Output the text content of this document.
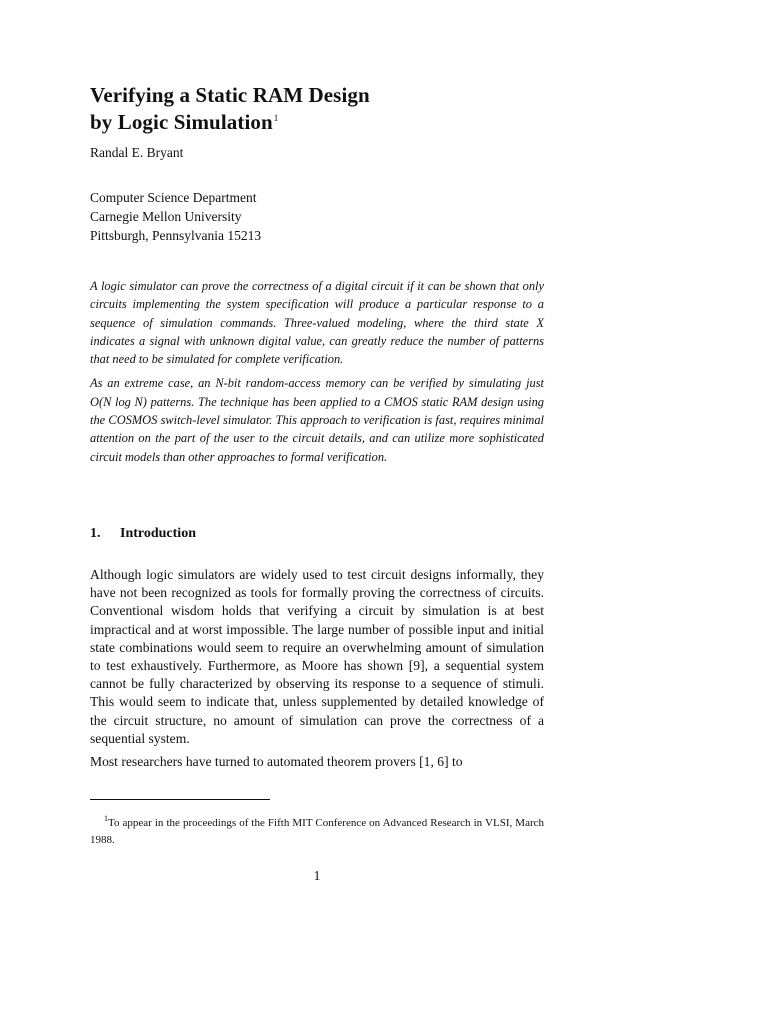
Verifying a Static RAM Design
by Logic Simulation$^1$
Randal E. Bryant
Computer Science Department
Carnegie Mellon University
Pittsburgh, Pennsylvania 15213

A logic simulator can prove the correctness of a digital circuit if it can be shown that only circuits implementing the system specification will produce a particular response to a sequence of simulation commands. Three-valued modeling, where the third state X indicates a signal with unknown digital value, can greatly reduce the number of patterns that need to be simulated for complete verification.

As an extreme case, an N-bit random-access memory can be verified by simulating just O(N log N) patterns. The technique has been applied to a CMOS static RAM design using the COSMOS switch-level simulator. This approach to verification is fast, requires minimal attention on the part of the user to the circuit details, and can utilize more sophisticated circuit models than other approaches to formal verification.

1. Introduction

Although logic simulators are widely used to test circuit designs informally, they have not been recognized as tools for formally proving the correctness of circuits. Conventional wisdom holds that verifying a circuit by simulation is at best impractical and at worst impossible. The large number of possible input and initial state combinations would seem to require an overwhelming amount of simulation to test exhaustively. Furthermore, as Moore has shown [9], a sequential system cannot be fully characterized by observing its response to a sequence of stimuli. This would seem to indicate that, unless supplemented by detailed knowledge of the circuit structure, no amount of simulation can prove the correctness of a sequential system.

Most researchers have turned to automated theorem provers [1, 6] to

$^1$To appear in the proceedings of the Fifth MIT Conference on Advanced Research in VLSI, March 1988.
1
